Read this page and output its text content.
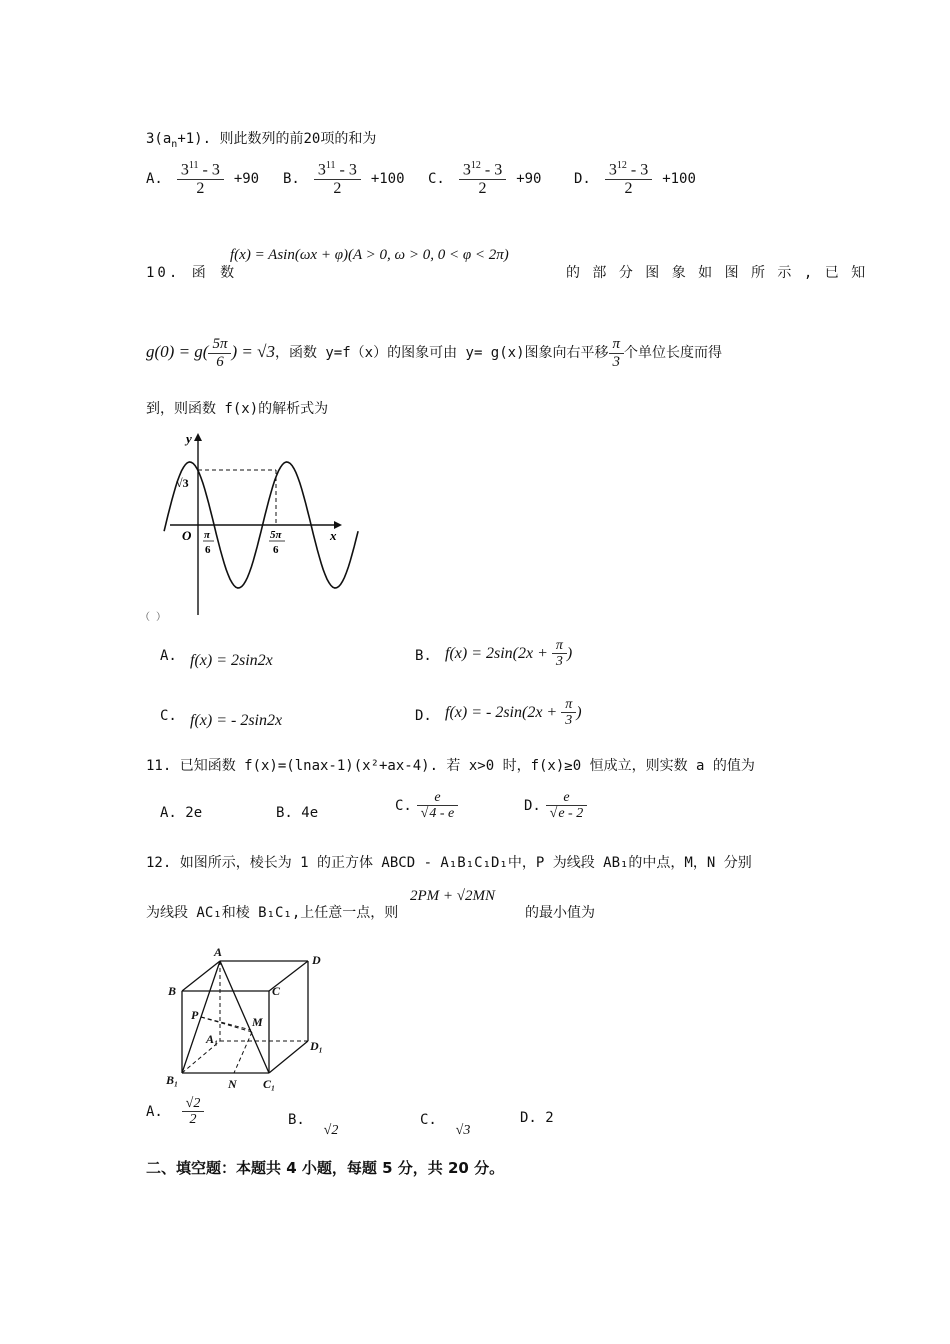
$3(a_n+1)$. 则此数列的前20项的和为
A. $\frac{3^{11} - 3}{2} +90$ B. $\frac{3^{11} - 3}{2} +100$ C. $\frac{3^{12} - 3}{2} +90$ D. $\frac{3^{12} - 3}{2} +100$
10. 函 数
f(x) = Asin(ωx + φ)(A > 0, ω > 0, 0 < φ < 2π)
的 部 分 图 象 如 图 所 示 , 已 知
$g(0) = g( \frac{5\pi}{6}$ ) = √3，函数 y=f（x）的图象可由 y= g(x)图象向右平移 $\frac{\pi}{3}$ 个单位长度而得
到，则函数 f(x)的解析式为
y
x
O
√3
π
6
5π
6
（ ）
A. f(x) = 2sin2x	B. $f(x) = 2\sin(2x + \frac{\pi}{3}$ )
C. f(x) = - 2sin2x	D. f(x) = - $2\sin(2x + \frac{\pi}{3}$ )
11. 已知函数 f(x)=(lnax-1)(x²+ax-4). 若 x>0 时，f(x)≥0 恒成立，则实数 a 的值为
A. 2e	B. 4e	C. $\frac{e}{√4 - e}$	D. $\frac{e}{√e - 2}$
12. 如图所示，棱长为 1 的正方体 ABCD - A₁B₁C₁D₁中，P 为线段 AB₁的中点，M，N 分别
为线段 AC₁和棱 B₁C₁,上任意一点，则
2PM + √2MN
的最小值为
A
B	C
D
P	M
A₁	D₁
B₁	N C₁
A. $\frac{√2}{2}$	B. √2
C. √3
D. 2
二、填空题：本题共 4 小题，每题 5 分，共 20 分。
